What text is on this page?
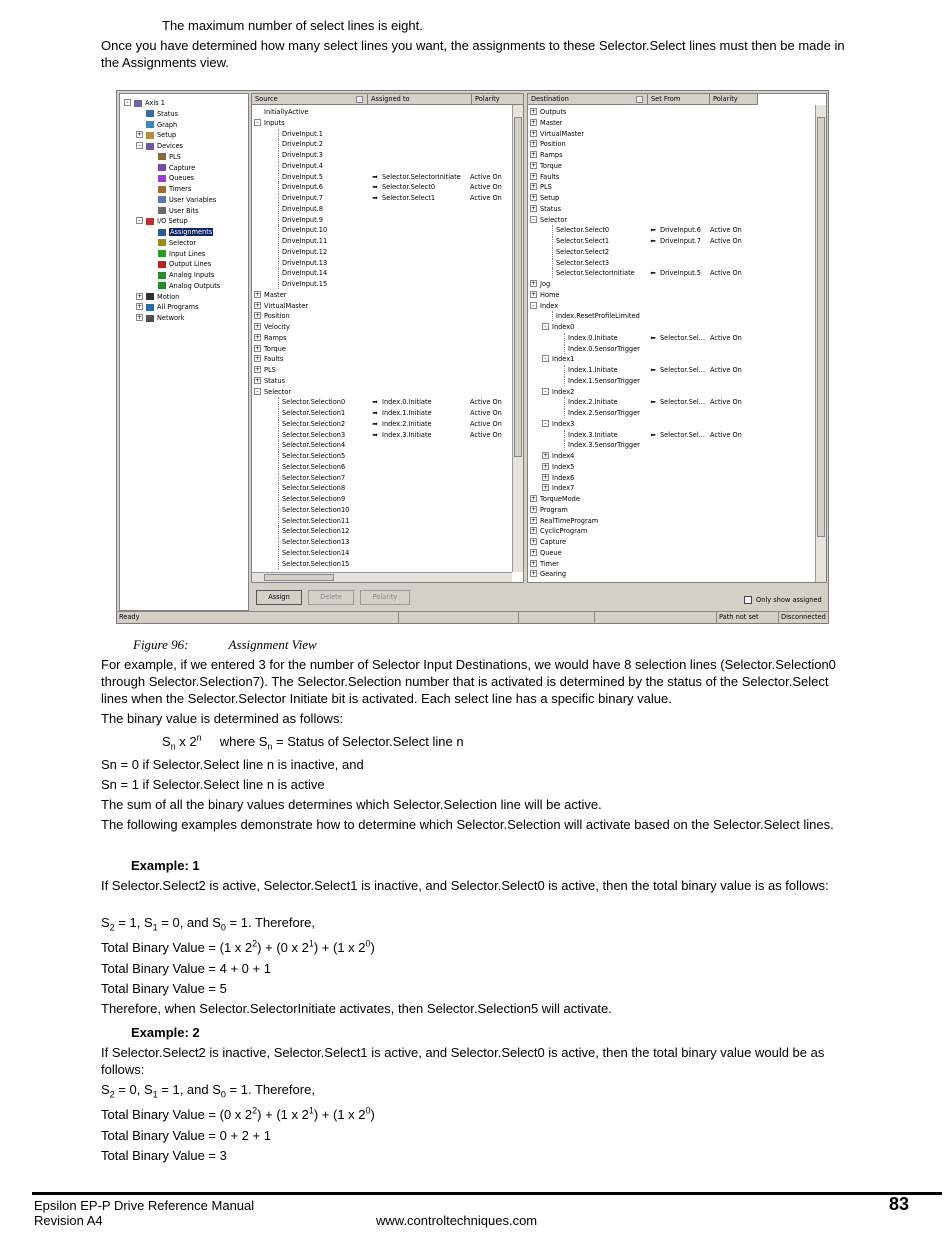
The maximum number of select lines is eight.
Once you have determined how many select lines you want, the assignments to these Selector.Select lines must then be made in the Assignments view.
-	Axis 1
Status
Graph
+ Setup
-	Devices
PLS
Capture
Queues
Timers
User Variables
User Bits
-	I/O Setup
Assignments
Selector
Input Lines
Output Lines
Analog Inputs
Analog Outputs
+ Motion
+ All Programs
+ Network
Source	Assigned to	Polarity
InitiallyActive
Inputs
-
DriveInput.1
DriveInput.2
DriveInput.3
DriveInput.4
DriveInput.5	➡ Selector.SelectorInitiate Active On
DriveInput.6	➡ Selector.Select0	Active On
DriveInput.7	➡ Selector.Select1	Active On
DriveInput.8
DriveInput.9
DriveInput.10
DriveInput.11
DriveInput.12
DriveInput.13
DriveInput.14
DriveInput.15
Master
+
VirtualMaster
+
Position
+
Velocity
+
Ramps
+
Torque
+
Faults
+
PLS
+
Status
+
Selector
-
Selector.Selection0	➡ Index.0.Initiate	Active On
Selector.Selection1	➡ Index.1.Initiate	Active On
Selector.Selection2	➡ Index.2.Initiate	Active On
Selector.Selection3	➡ Index.3.Initiate	Active On
Selector.Selection4
Selector.Selection5
Selector.Selection6
Selector.Selection7
Selector.Selection8
Selector.Selection9
Selector.Selection10
Selector.Selection11
Selector.Selection12
Selector.Selection13
Selector.Selection14
Selector.Selection15
Destination	Set From	Polarity
+ Outputs
+ Master
+ VirtualMaster
+ Position
+ Ramps
+ Torque
+ Faults
+ PLS
+ Setup
+ Status
- Selector
Selector.Select0	⬅ DriveInput.6 Active On
Selector.Select1	⬅ DriveInput.7 Active On
Selector.Select2
Selector.Select3
Selector.SelectorInitiate	⬅ DriveInput.5 Active On
+ Jog
+ Home
- Index
Index.ResetProfileLimited
- Index0
Index.0.Initiate	⬅ Selector.Sel... Active On
Index.0.SensorTrigger
- Index1
Index.1.Initiate	⬅ Selector.Sel... Active On
Index.1.SensorTrigger
- Index2
Index.2.Initiate	⬅ Selector.Sel... Active On
Index.2.SensorTrigger
- Index3
Index.3.Initiate	⬅ Selector.Sel... Active On
Index.3.SensorTrigger
+ Index4
+ Index5
+ Index6
+ Index7
+ TorqueMode
+ Program
+ RealTimeProgram
+ CyclicProgram
+ Capture
+ Queue
+ Timer
+ Gearing
Assign	Delete	Polarity	Only show assigned
Ready	Path not set	Disconnected
Figure 96:	Assignment View
For example, if we entered 3 for the number of Selector Input Destinations, we would have 8 selection lines (Selector.Selection0 through Selector.Selection7). The Selector.Selection number that is activated is determined by the status of the Selector.Select lines when the Selector.Selector Initiate bit is activated. Each select line has a specific binary value.
The binary value is determined as follows:
$S_n$ x 2$^n$     where $S_n$ = Status of Selector.Select line n
Sn = 0 if Selector.Select line n is inactive, and
Sn = 1 if Selector.Select line n is active
The sum of all the binary values determines which Selector.Selection line will be active.
The following examples demonstrate how to determine which Selector.Selection will activate based on the Selector.Select lines.
Example: 1
If Selector.Select2 is active, Selector.Select1 is inactive, and Selector.Select0 is active, then the total binary value is as follows:
$S_2 = 1$, $S_1 = 0$, and $S_0 = 1$. Therefore,
Total Binary Value = (1 x $2^2) + (0$ x $2^1) + (1$ x $2^0$)
Total Binary Value = 4 + 0 + 1
Total Binary Value = 5
Therefore, when Selector.SelectorInitiate activates, then Selector.Selection5 will activate.
Example: 2
If Selector.Select2 is inactive, Selector.Select1 is active, and Selector.Select0 is active, then the total binary value would be as follows:
$S_2 = 0$, $S_1 = 1$, and $S_0 = 1$. Therefore,
Total Binary Value = (0 x $2^2) + (1$ x $2^1) + (1$ x $2^0$)
Total Binary Value = 0 + 2 + 1
Total Binary Value = 3
Epsilon EP-P Drive Reference Manual
Revision A4	www.controltechniques.com
83
